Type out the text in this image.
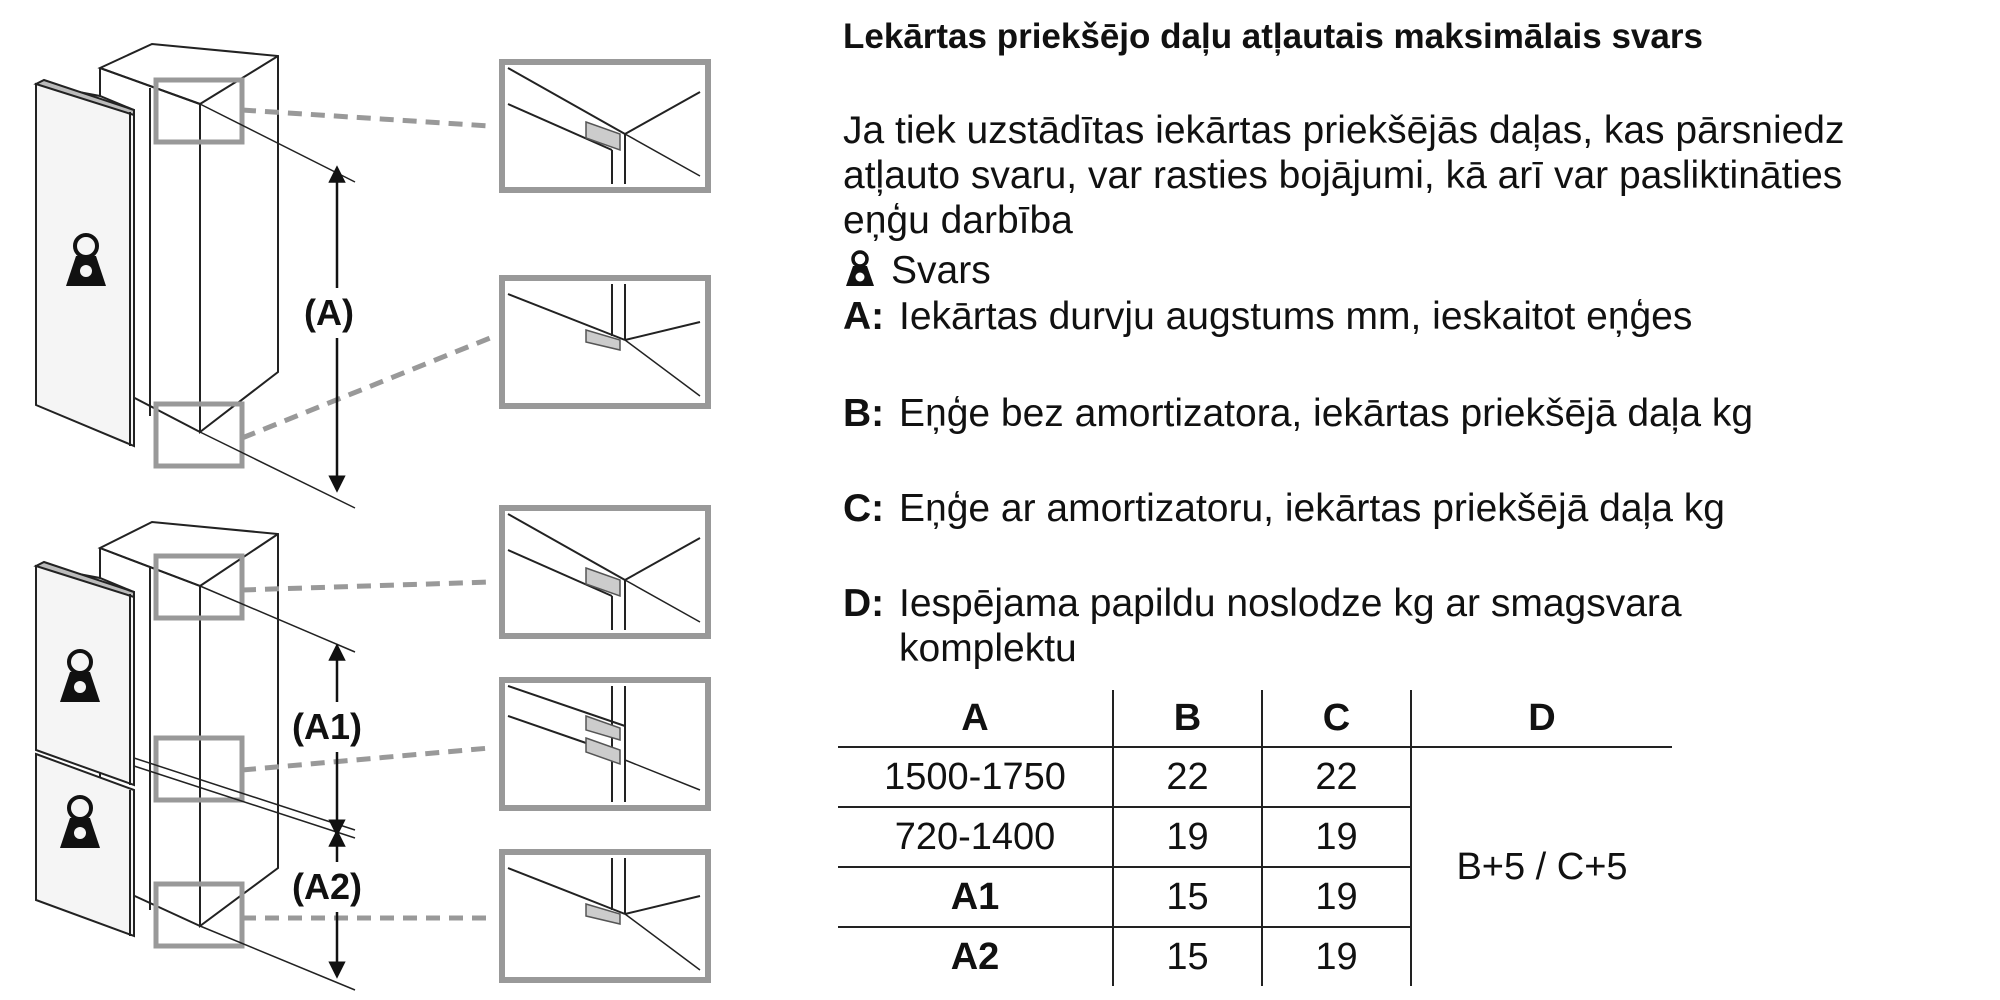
(A)
(A1)
(A2)
Lekārtas priekšējo daļu atļautais maksimālais svars
Ja tiek uzstādītas iekārtas priekšējās daļas, kas pārsniedz
atļauto svaru, var rasties bojājumi, kā arī var pasliktināties
eņģu darbība
Svars
A: Iekārtas durvju augstums mm, ieskaitot eņģes
B: Eņģe bez amortizatora, iekārtas priekšējā daļa kg
C: Eņģe ar amortizatoru, iekārtas priekšējā daļa kg
D: Iespējama papildu noslodze kg ar smagsvara
komplektu
A	B	C	D
1500-1750	22	22	B+5 / C+5
720-1400	19	19	
A1	15	19	
A2	15	19	
